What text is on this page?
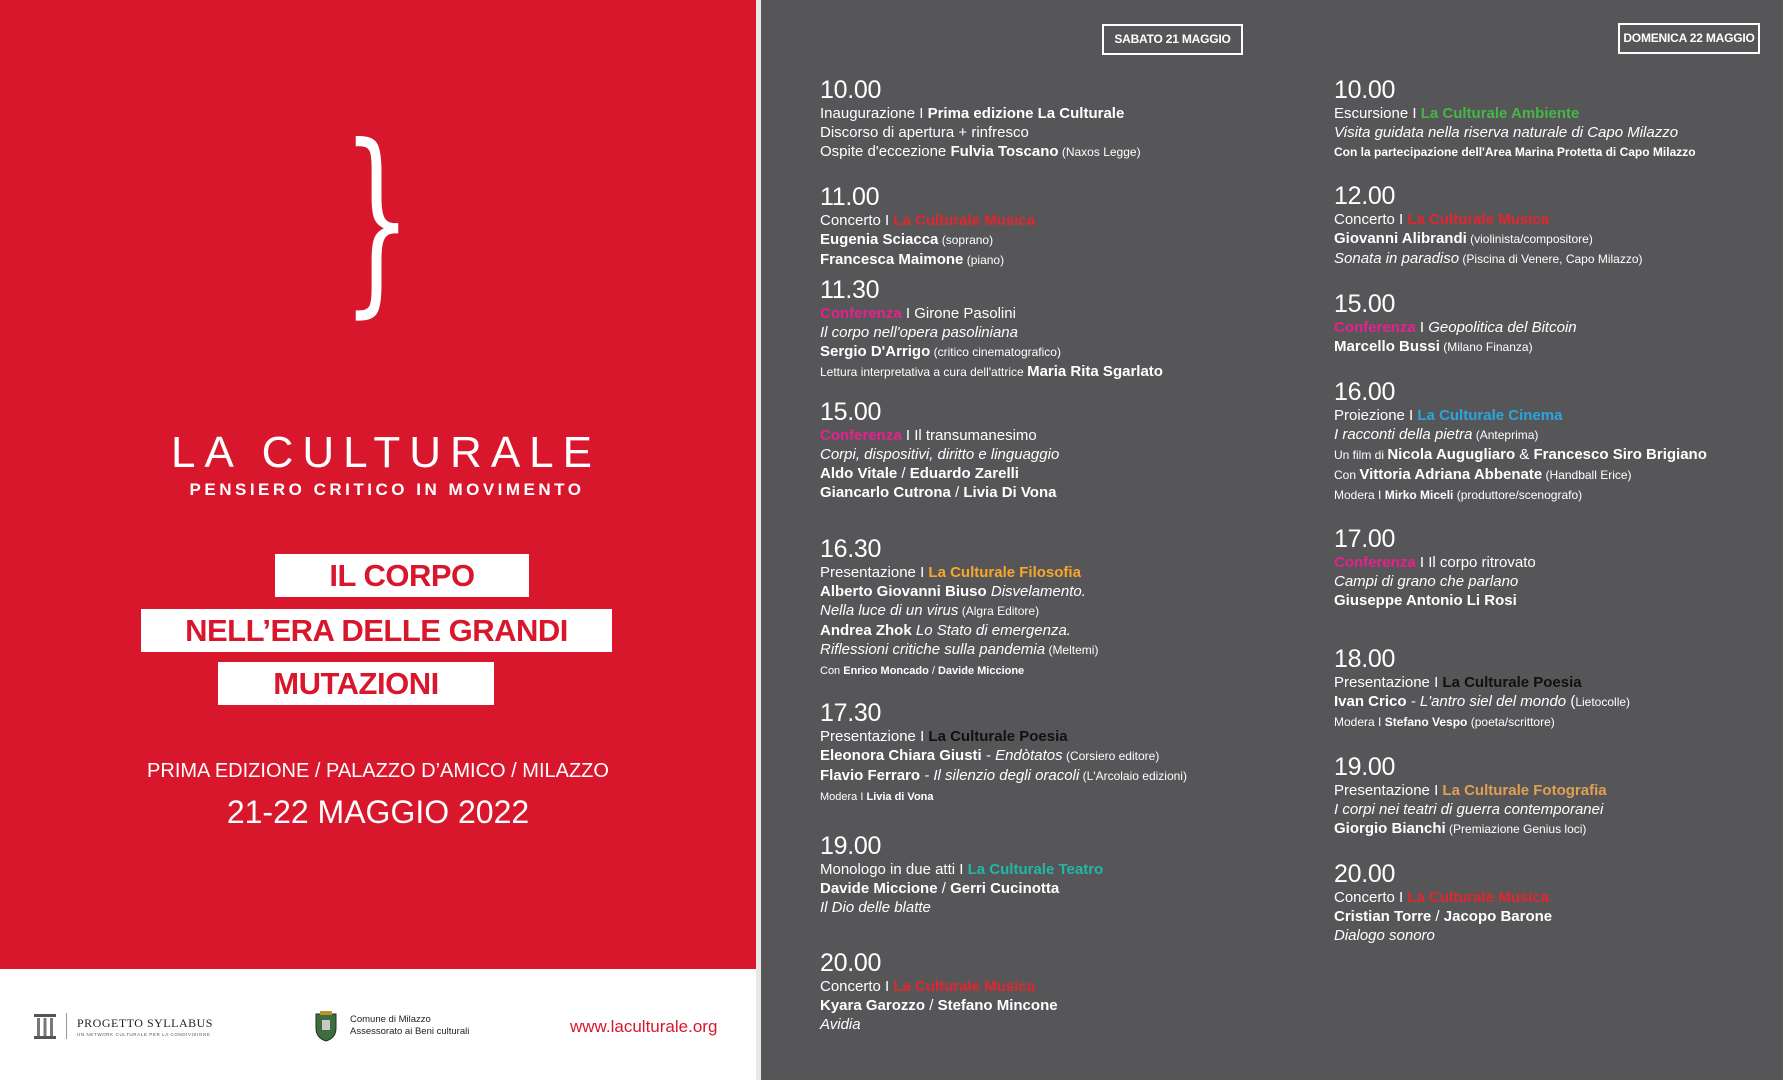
}
LA CULTURALE

PENSIERO CRITICO IN MOVIMENTO

IL CORPO
NELL’ERA DELLE GRANDI
MUTAZIONI

PRIMA EDIZIONE / PALAZZO D’AMICO / MILAZZO

21-22 MAGGIO 2022

PROGETTO SYLLABUS
UN NETWORK CULTURALE PER LA CONDIVISIONE
Comune di Milazzo
Assessorato ai Beni culturali	www.laculturale.org
SABATO 21 MAGGIO	DOMENICA 22 MAGGIO
10.00
Inaugurazione I Prima edizione La Culturale
Discorso di apertura + rinfresco
Ospite d'eccezione Fulvia Toscano (Naxos Legge)
11.00
Concerto I La Culturale Musica
Eugenia Sciacca (soprano)
Francesca Maimone (piano)
11.30
Conferenza I Girone Pasolini
Il corpo nell'opera pasoliniana
Sergio D'Arrigo (critico cinematografico)
Lettura interpretativa a cura dell'attrice Maria Rita Sgarlato
15.00
Conferenza I Il transumanesimo
Corpi, dispositivi, diritto e linguaggio
Aldo Vitale / Eduardo Zarelli
Giancarlo Cutrona / Livia Di Vona
16.30
Presentazione I La Culturale Filosofia
Alberto Giovanni Biuso Disvelamento.
Nella luce di un virus (Algra Editore)
Andrea Zhok Lo Stato di emergenza.
Riflessioni critiche sulla pandemia (Meltemi)
Con Enrico Moncado / Davide Miccione
17.30
Presentazione I La Culturale Poesia
Eleonora Chiara Giusti - Endòtatos (Corsiero editore)
Flavio Ferraro - Il silenzio degli oracoli (L'Arcolaio edizioni)
Modera I Livia di Vona
19.00
Monologo in due atti I La Culturale Teatro
Davide Miccione / Gerri Cucinotta
Il Dio delle blatte
20.00
Concerto I La Culturale Musica
Kyara Garozzo / Stefano Mincone
Avidia
10.00
Escursione I La Culturale Ambiente
Visita guidata nella riserva naturale di Capo Milazzo
Con la partecipazione dell'Area Marina Protetta di Capo Milazzo
12.00
Concerto I La Culturale Musica
Giovanni Alibrandi (violinista/compositore)
Sonata in paradiso (Piscina di Venere, Capo Milazzo)
15.00
Conferenza I Geopolitica del Bitcoin
Marcello Bussi (Milano Finanza)
16.00
Proiezione I La Culturale Cinema
I racconti della pietra (Anteprima)
Un film di Nicola Augugliaro & Francesco Siro Brigiano
Con Vittoria Adriana Abbenate (Handball Erice)
Modera I Mirko Miceli (produttore/scenografo)
17.00
Conferenza I Il corpo ritrovato
Campi di grano che parlano
Giuseppe Antonio Li Rosi
18.00
Presentazione I La Culturale Poesia
Ivan Crico - L'antro siel del mondo (Lietocolle)
Modera I Stefano Vespo (poeta/scrittore)
19.00
Presentazione I La Culturale Fotografia
I corpi nei teatri di guerra contemporanei
Giorgio Bianchi (Premiazione Genius loci)
20.00
Concerto I La Culturale Musica
Cristian Torre / Jacopo Barone
Dialogo sonoro
